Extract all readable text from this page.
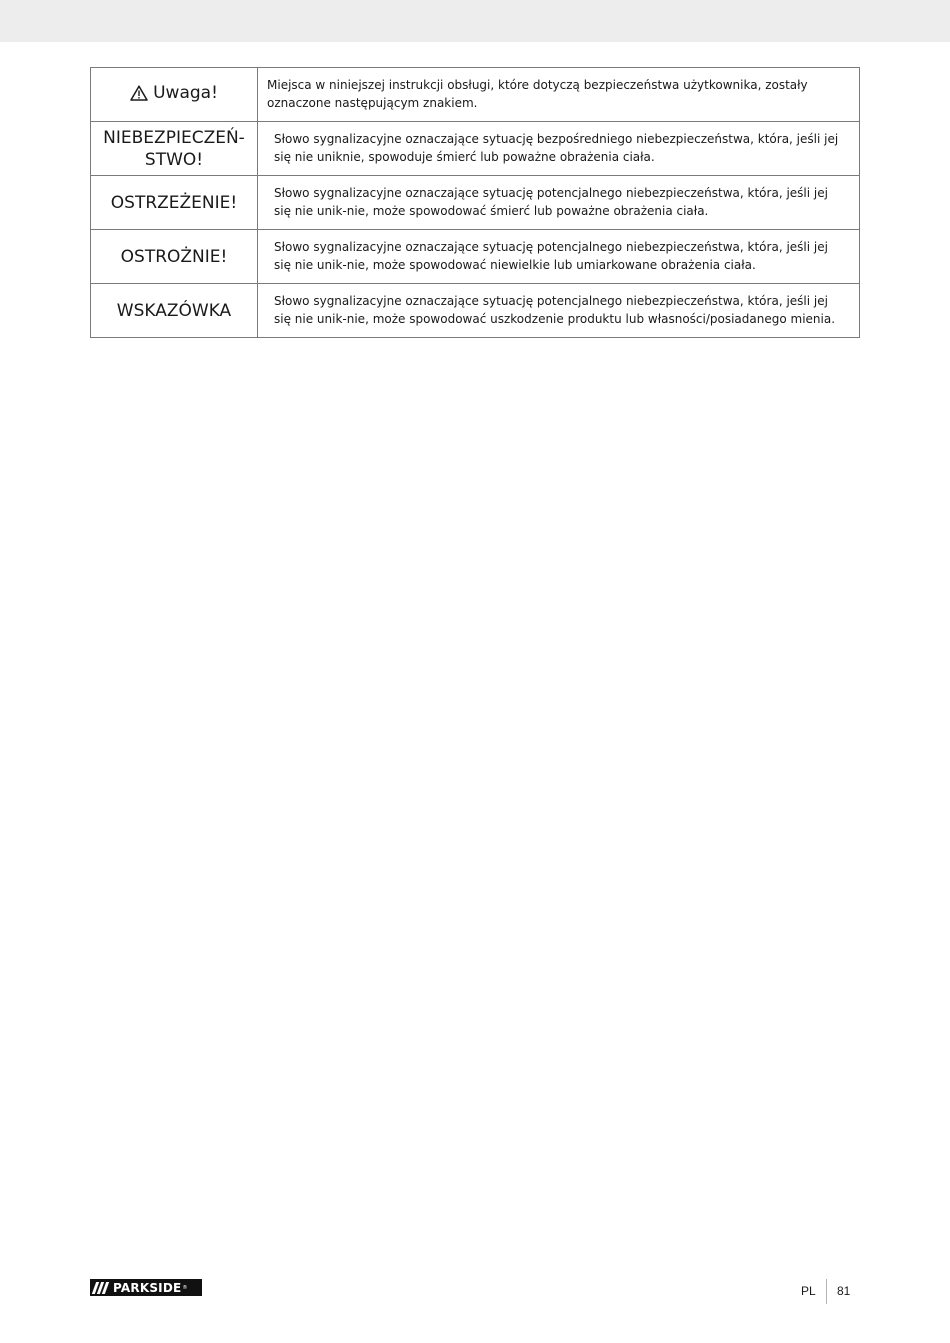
Uwaga!	Miejsca w niniejszej instrukcji obsługi, które dotyczą bezpieczeństwa użytkownika, zostały oznaczone następującym znakiem.
NIEBEZPIECZEŃ-
STWO!	Słowo sygnalizacyjne oznaczające sytuację bezpośredniego niebezpieczeństwa, która, jeśli jej się nie uniknie, spowoduje śmierć lub poważne obrażenia ciała.
OSTRZEŻENIE!	Słowo sygnalizacyjne oznaczające sytuację potencjalnego niebezpieczeństwa, która, jeśli jej się nie unik-nie, może spowodować śmierć lub poważne obrażenia ciała.
OSTROŻNIE!	Słowo sygnalizacyjne oznaczające sytuację potencjalnego niebezpieczeństwa, która, jeśli jej się nie unik-nie, może spowodować niewielkie lub umiarkowane obrażenia ciała.
WSKAZÓWKA	Słowo sygnalizacyjne oznaczające sytuację potencjalnego niebezpieczeństwa, która, jeśli jej się nie unik-nie, może spowodować uszkodzenie produktu lub własności/posiadanego mienia.
PARKSIDE ®	PL 81
